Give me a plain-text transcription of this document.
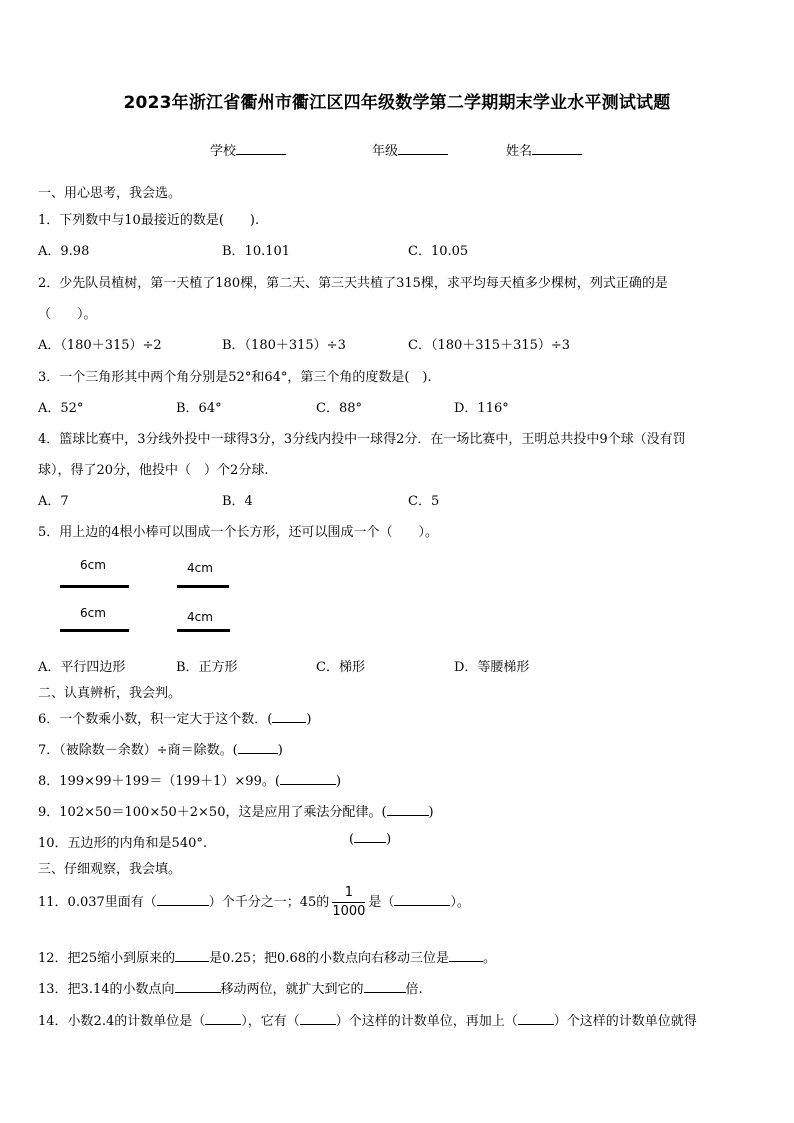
2023年浙江省衢州市衢江区四年级数学第二学期期末学业水平测试试题
学校	年级	姓名
一、用心思考，我会选。
1．下列数中与10最接近的数是(　　).
A．9.98	B．10.101	C．10.05
2．少先队员植树，第一天植了180棵，第二天、第三天共植了315棵，求平均每天植多少棵树，列式正确的是
（　　）。
A．（180＋315）÷2	B．（180＋315）÷3	C．（180＋315＋315）÷3
3．一个三角形其中两个角分别是52°和64°，第三个角的度数是(　).
A．52°	B．64°	C．88°	D．116°
4．篮球比赛中，3分线外投中一球得3分，3分线内投中一球得2分．在一场比赛中，王明总共投中9个球（没有罚
球），得了20分，他投中（　）个2分球.
A．7	B．4	C．5
5．用上边的4根小棒可以围成一个长方形，还可以围成一个（　　）。
6cm	4cm
6cm	4cm
A．平行四边形	B．正方形	C．梯形	D．等腰梯形
二、认真辨析，我会判。
6．一个数乘小数，积一定大于这个数．(	)
7．（被除数－余数）÷商＝除数。(	)
8．199×99＋199＝（199＋1）×99。(	)
9．102×50＝100×50＋2×50，这是应用了乘法分配律。(	)
10．五边形的内角和是540°.	( )
三、仔细观察，我会填。
11．0.037里面有（	）个千分之一；45的 $\frac{1}{1000}$ 是（	）。
12．把25缩小到原来的	是0.25；把0.68的小数点向右移动三位是	。
13．把3.14的小数点向	移动两位，就扩大到它的	倍.
14．小数2.4的计数单位是（	），它有（	）个这样的计数单位，再加上（	）个这样的计数单位就得
